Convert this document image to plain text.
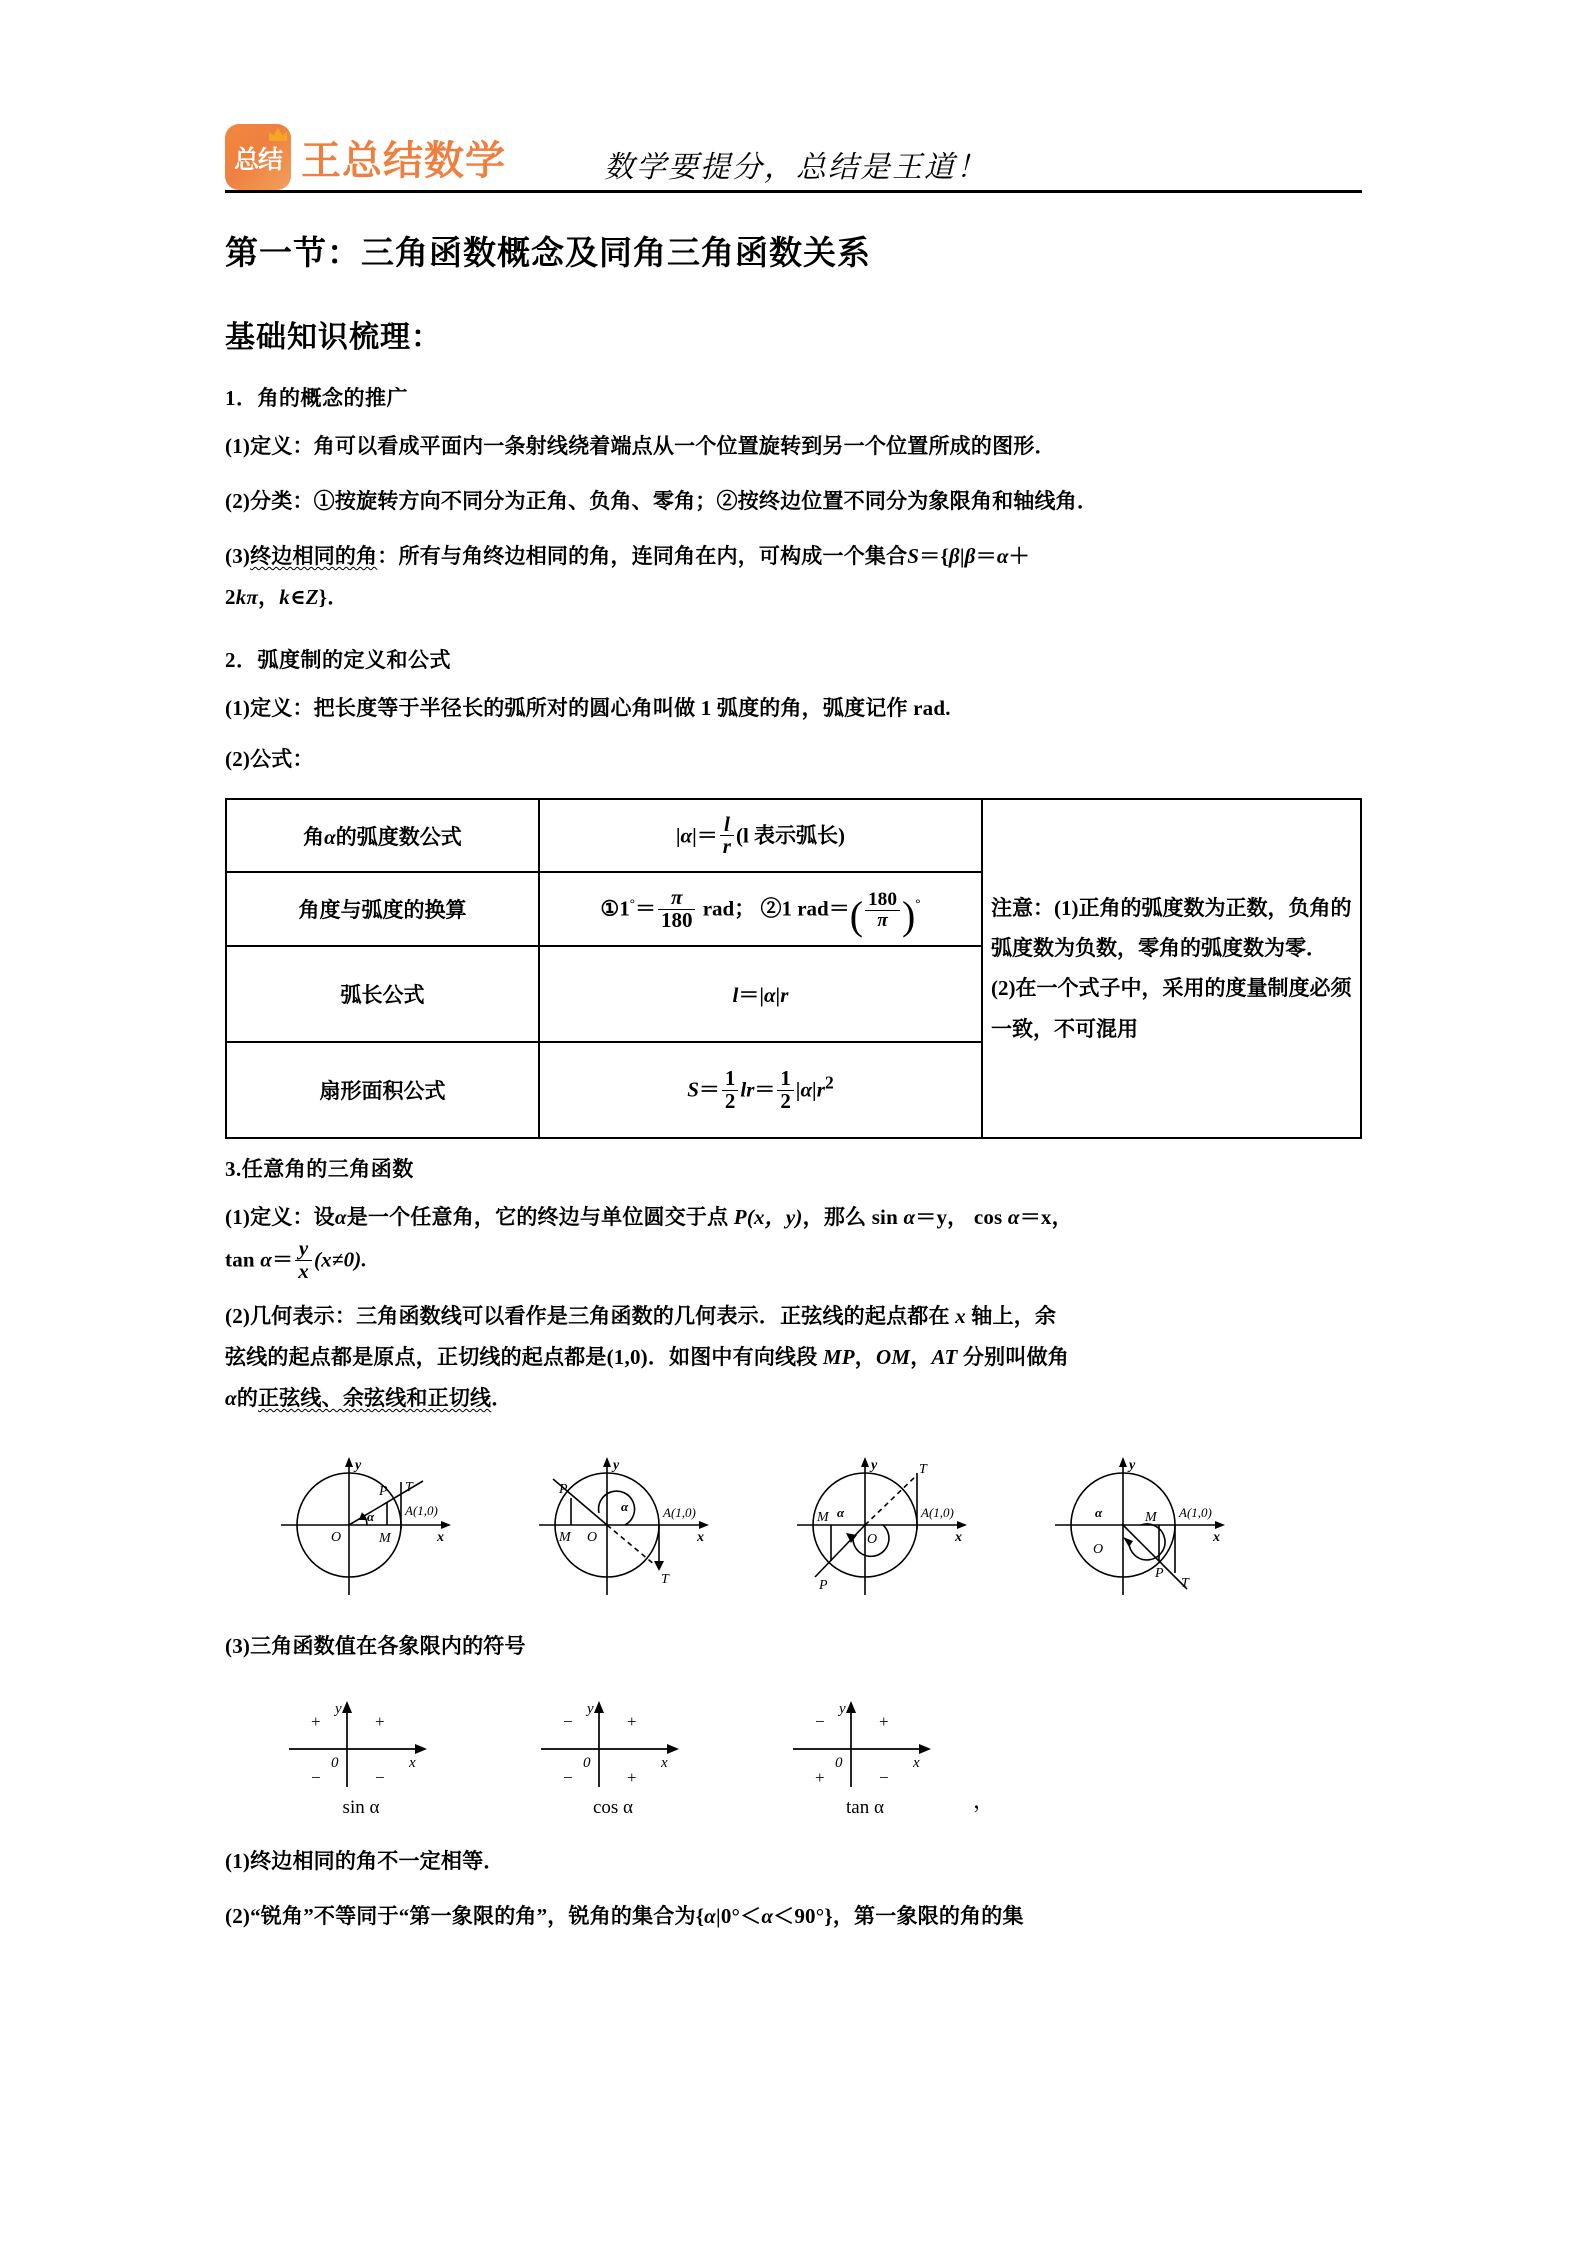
总结 王总结数学	数学要提分，总结是王道！
第一节：三角函数概念及同角三角函数关系
基础知识梳理：
1．角的概念的推广

(1)定义：角可以看成平面内一条射线绕着端点从一个位置旋转到另一个位置所成的图形．

(2)分类：①按旋转方向不同分为正角、负角、零角；②按终边位置不同分为象限角和轴线角．

(3)终边相同的角：所有与角终边相同的角，连同角在内，可构成一个集合S＝{β|β＝α＋
2kπ，k∈Z}．

2．弧度制的定义和公式

(1)定义：把长度等于半径长的弧所对的圆心角叫做 1 弧度的角，弧度记作 rad.

(2)公式：

角α的弧度数公式	$|\alpha|= \frac{l}{r} (l$ 表示弧长)	注意：(1)正角的弧度数为正数，负角的弧度数为负数，零角的弧度数为零．
(2)在一个式子中，采用的度量制度必须一致，不可混用
角度与弧度的换算	①1°＝ $\frac{\pi}{180}$ rad； ②1 $rad=( \frac{180}{\pi} )^\circ$
弧长公式	l＝|α|r	
扇形面积公式	$S= \frac{1}{2} lr= \frac{1}{2} |\alpha|r^2$
3.任意角的三角函数

(1)定义：设α是一个任意角，它的终边与单位圆交于点 P(x，y)，那么 sin α＝y， cos α＝x，
$\tan \alpha= \frac{y}{x} (x\ne 0)$.

(2)几何表示：三角函数线可以看作是三角函数的几何表示．正弦线的起点都在 x 轴上，余
弦线的起点都是原点，正切线的起点都是(1,0)．如图中有向线段 MP，OM，AT 分别叫做角
α的正弦线、余弦线和正切线．

y
x
O	M
P T
α A(1,0)
y
x
O
M
P
T
α	A(1,0)
y
x
O
M
P
T
α	A(1,0)
y
x
O
M
P
T
α	A(1,0)

(3)三角函数值在各象限内的符号

y
x
0
+	+
−	−
sin α
y
x
0
−	+
−	+
cos α
y
x
0
−	+
+	−
tan α	，

(1)终边相同的角不一定相等．

(2)“锐角”不等同于“第一象限的角”，锐角的集合为{α|0°＜α＜90°}，第一象限的角的集
